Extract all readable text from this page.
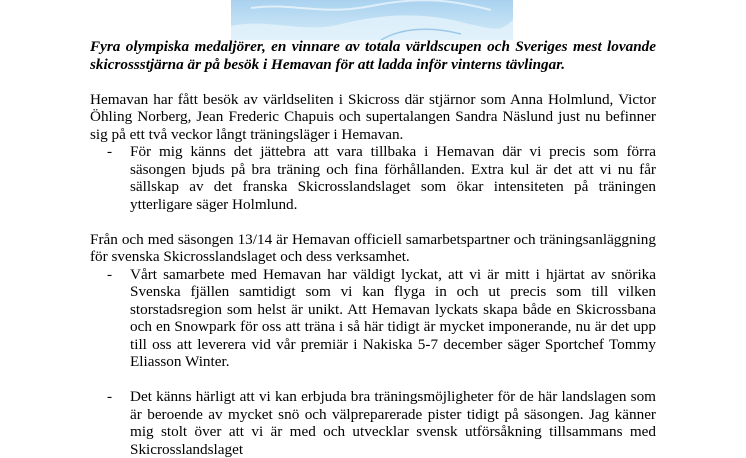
Fyra olympiska medaljörer, en vinnare av totala världscupen och Sveriges mest lovande skicrossstjärna är på besök i Hemavan för att ladda inför vinterns tävlingar.

Hemavan har fått besök av världseliten i Skicross där stjärnor som Anna Holmlund, Victor Öhling Norberg, Jean Frederic Chapuis och supertalangen Sandra Näslund just nu befinner sig på ett två veckor långt träningsläger i Hemavan.

- För mig känns det jättebra att vara tillbaka i Hemavan där vi precis som förra säsongen bjuds på bra träning och fina förhållanden. Extra kul är det att vi nu får sällskap av det franska Skicrosslandslaget som ökar intensiteten på träningen ytterligare säger Holmlund.

Från och med säsongen 13/14 är Hemavan officiell samarbetspartner och träningsanläggning för svenska Skicrosslandslaget och dess verksamhet.

- Vårt samarbete med Hemavan har väldigt lyckat, att vi är mitt i hjärtat av snörika Svenska fjällen samtidigt som vi kan flyga in och ut precis som till vilken storstadsregion som helst är unikt. Att Hemavan lyckats skapa både en Skicrossbana och en Snowpark för oss att träna i så här tidigt är mycket imponerande, nu är det upp till oss att leverera vid vår premiär i Nakiska 5-7 december säger Sportchef Tommy Eliasson Winter.
- Det känns härligt att vi kan erbjuda bra träningsmöjligheter för de här landslagen som är beroende av mycket snö och välpreparerade pister tidigt på säsongen. Jag känner mig stolt över att vi är med och utvecklar svensk utförsåkning tillsammans med Skicrosslandslaget
